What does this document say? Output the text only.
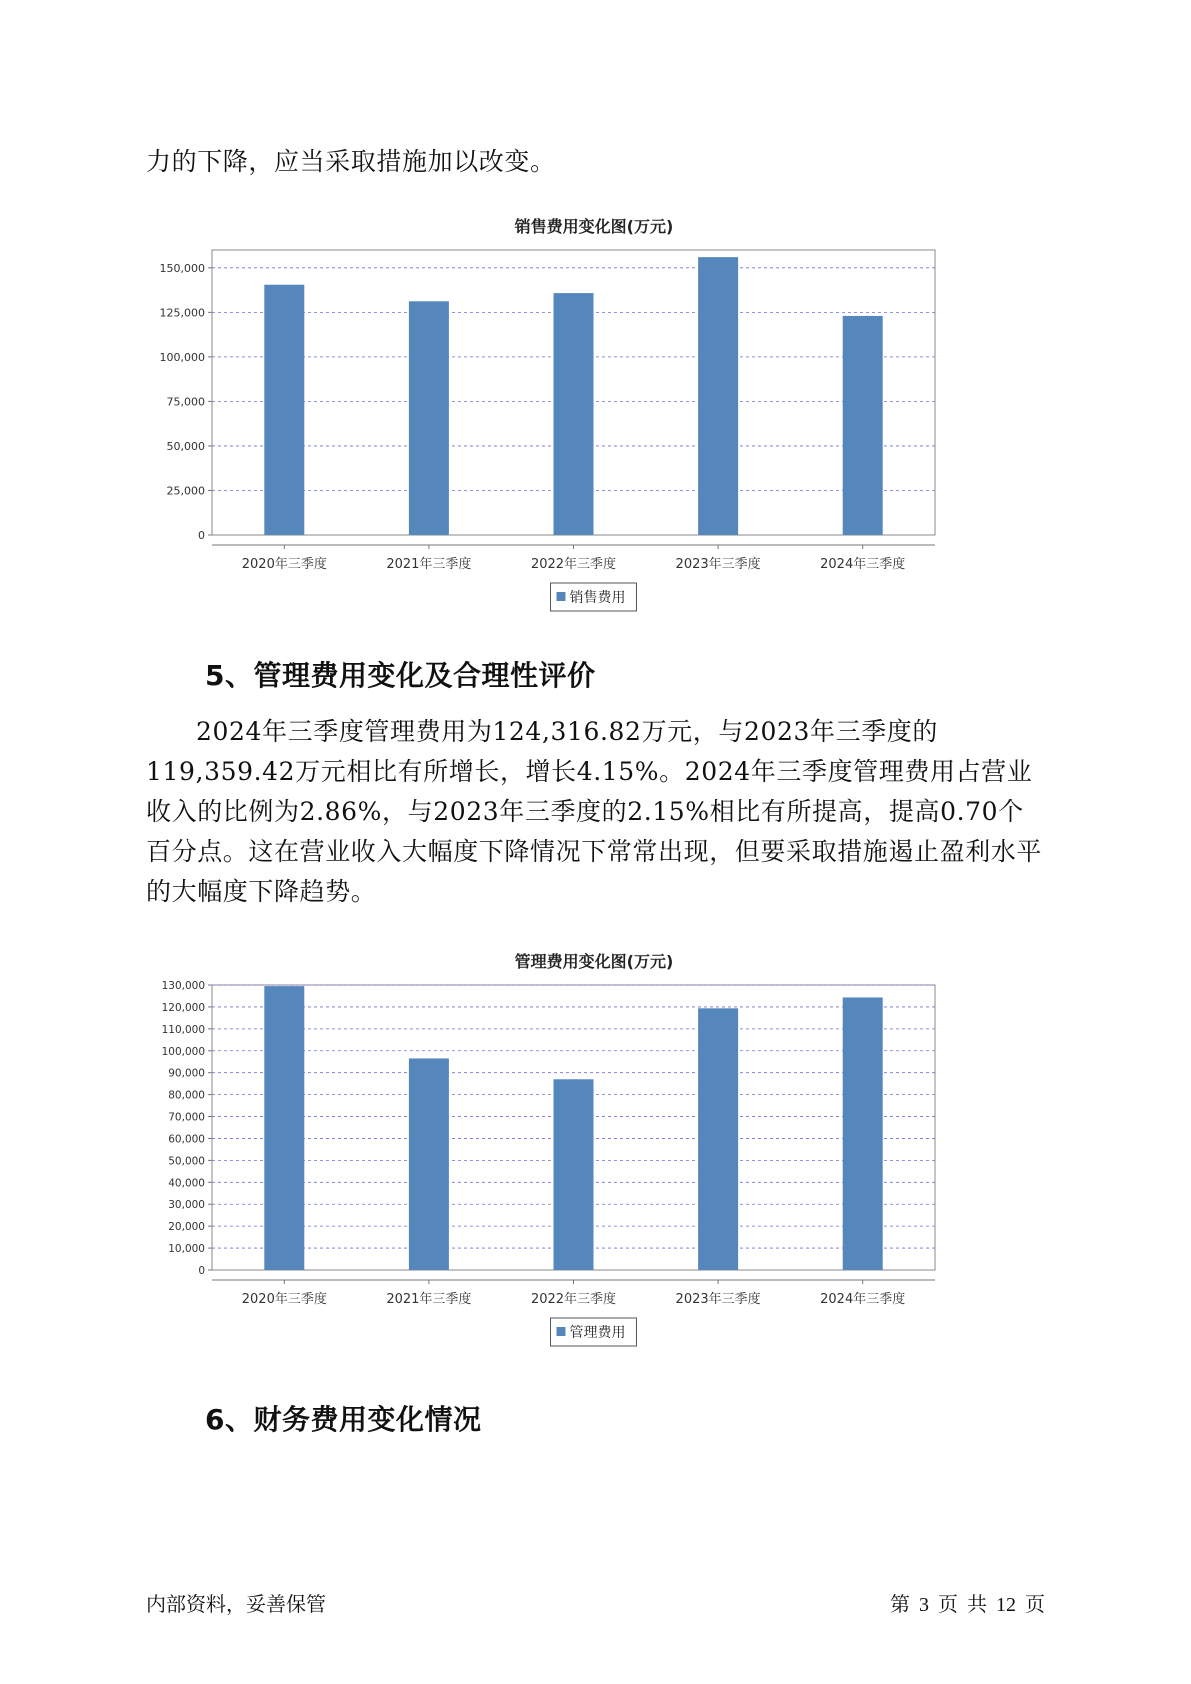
力的下降，应当采取措施加以改变。

销售费用变化图(万元)
0
25,000
50,000
75,000
100,000
125,000
150,000
2020年三季度	2021年三季度	2022年三季度	2023年三季度	2024年三季度
销售费用
5、管理费用变化及合理性评价

2024年三季度管理费用为124,316.82万元，与2023年三季度的119,359.42万元相比有所增长，增长4.15%。2024年三季度管理费用占营业收入的比例为2.86%，与2023年三季度的2.15%相比有所提高，提高0.70个百分点。这在营业收入大幅度下降情况下常常出现，但要采取措施遏止盈利水平的大幅度下降趋势。

管理费用变化图(万元)
0
10,000
20,000
30,000
40,000
50,000
60,000
70,000
80,000
90,000
100,000
110,000
120,000
130,000
2020年三季度	2021年三季度	2022年三季度	2023年三季度	2024年三季度
管理费用
6、财务费用变化情况
内部资料，妥善保管	第 3 页 共 12 页
